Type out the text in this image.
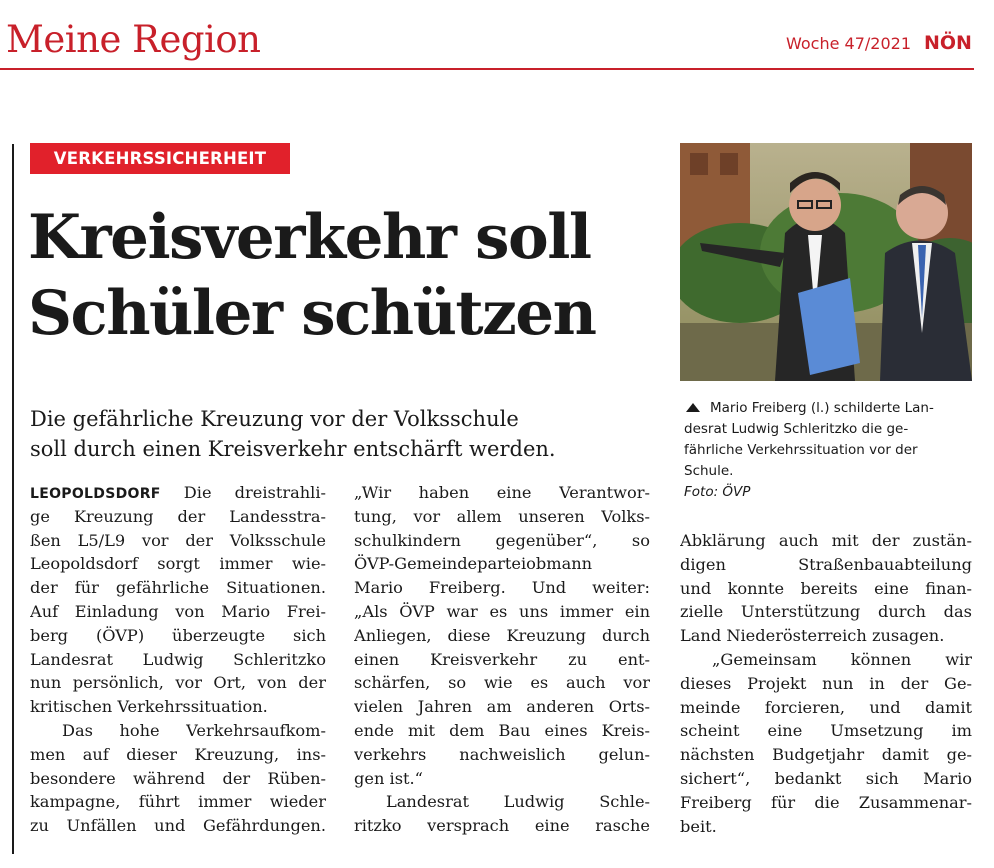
Meine Region	Woche 47/2021 NÖN
VERKEHRSSICHERHEIT
Kreisverkehr soll
Schüler schützen
Die gefährliche Kreuzung vor der Volksschule
soll durch einen Kreisverkehr entschärft werden.
Mario Freiberg (l.) schilderte Lan-
desrat Ludwig Schleritzko die ge-
fährliche Verkehrssituation vor der
Schule.
Foto: ÖVP
LEOPOLDSDORF Die dreistrahli-
ge Kreuzung der Landesstra-
ßen L5/L9 vor der Volksschule
Leopoldsdorf sorgt immer wie-
der für gefährliche Situationen.
Auf Einladung von Mario Frei-
berg (ÖVP) überzeugte sich
Landesrat Ludwig Schleritzko
nun persönlich, vor Ort, von der
kritischen Verkehrssituation.
Das hohe Verkehrsaufkom-
men auf dieser Kreuzung, ins-
besondere während der Rüben-
kampagne, führt immer wieder
zu Unfällen und Gefährdungen.
„Wir haben eine Verantwor-
tung, vor allem unseren Volks-
schulkindern gegenüber“, so
ÖVP-Gemeindeparteiobmann
Mario Freiberg. Und weiter:
„Als ÖVP war es uns immer ein
Anliegen, diese Kreuzung durch
einen Kreisverkehr zu ent-
schärfen, so wie es auch vor
vielen Jahren am anderen Orts-
ende mit dem Bau eines Kreis-
verkehrs nachweislich gelun-
gen ist.“
Landesrat Ludwig Schle-
ritzko versprach eine rasche
Abklärung auch mit der zustän-
digen Straßenbauabteilung
und konnte bereits eine finan-
zielle Unterstützung durch das
Land Niederösterreich zusagen.
„Gemeinsam können wir
dieses Projekt nun in der Ge-
meinde forcieren, und damit
scheint eine Umsetzung im
nächsten Budgetjahr damit ge-
sichert“, bedankt sich Mario
Freiberg für die Zusammenar-
beit.
